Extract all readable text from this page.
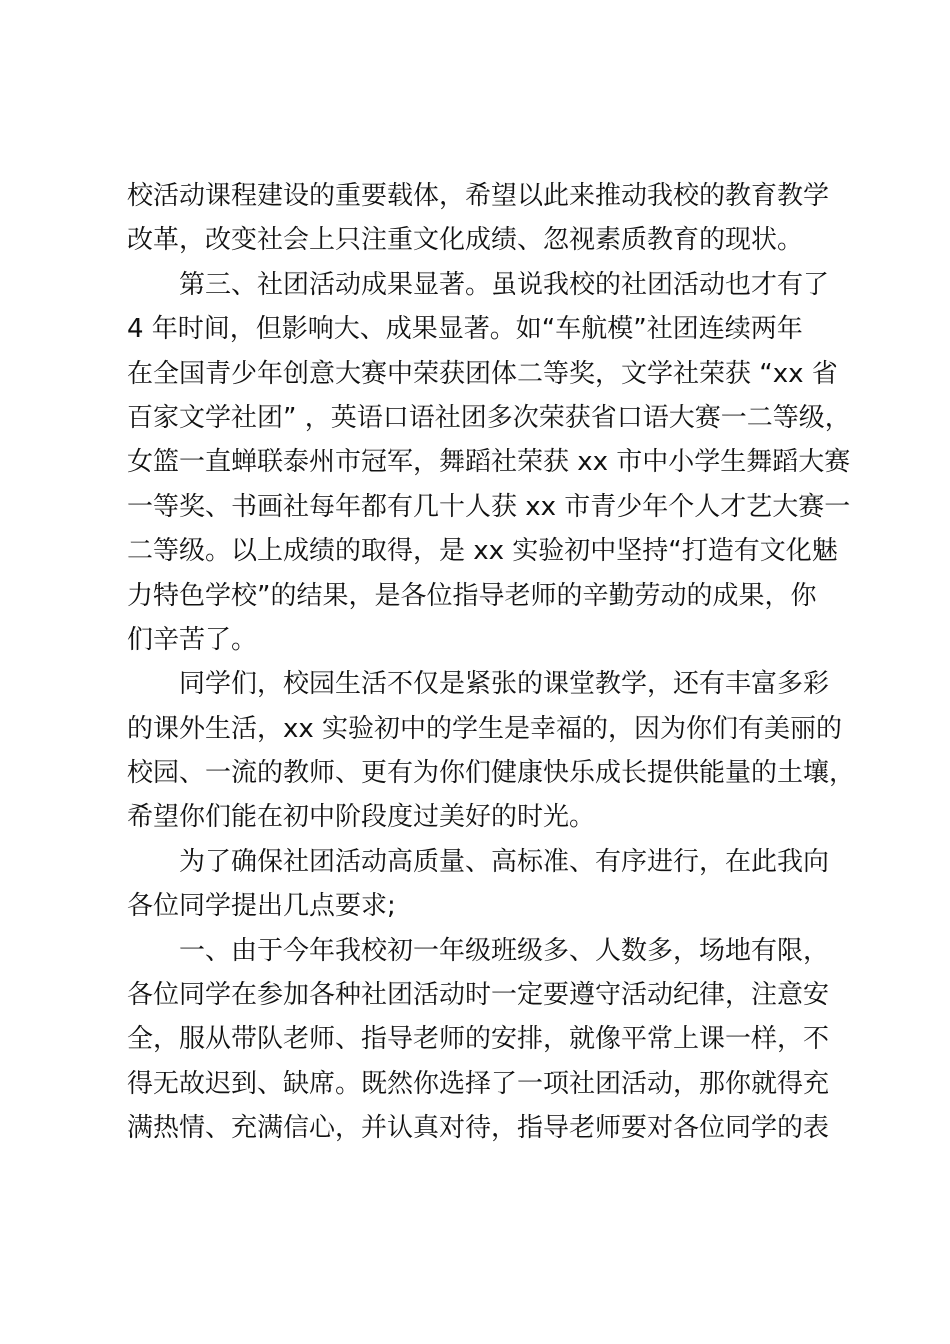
校活动课程建设的重要载体，希望以此来推动我校的教育教学
改革，改变社会上只注重文化成绩、忽视素质教育的现状。
第三、社团活动成果显著。虽说我校的社团活动也才有了
4 年时间，但影响大、成果显著。如“车航模”社团连续两年
在全国青少年创意大赛中荣获团体二等奖，文学社荣获 “xx 省
百家文学社团” ，英语口语社团多次荣获省口语大赛一二等级，
女篮一直蝉联泰州市冠军，舞蹈社荣获 xx 市中小学生舞蹈大赛
一等奖、书画社每年都有几十人获 xx 市青少年个人才艺大赛一
二等级。以上成绩的取得，是 xx 实验初中坚持“打造有文化魅
力特色学校”的结果，是各位指导老师的辛勤劳动的成果，你
们辛苦了。
同学们，校园生活不仅是紧张的课堂教学，还有丰富多彩
的课外生活，xx 实验初中的学生是幸福的，因为你们有美丽的
校园、一流的教师、更有为你们健康快乐成长提供能量的土壤，
希望你们能在初中阶段度过美好的时光。
为了确保社团活动高质量、高标准、有序进行，在此我向
各位同学提出几点要求;
一、由于今年我校初一年级班级多、人数多，场地有限，
各位同学在参加各种社团活动时一定要遵守活动纪律，注意安
全，服从带队老师、指导老师的安排，就像平常上课一样，不
得无故迟到、缺席。既然你选择了一项社团活动，那你就得充
满热情、充满信心，并认真对待，指导老师要对各位同学的表
